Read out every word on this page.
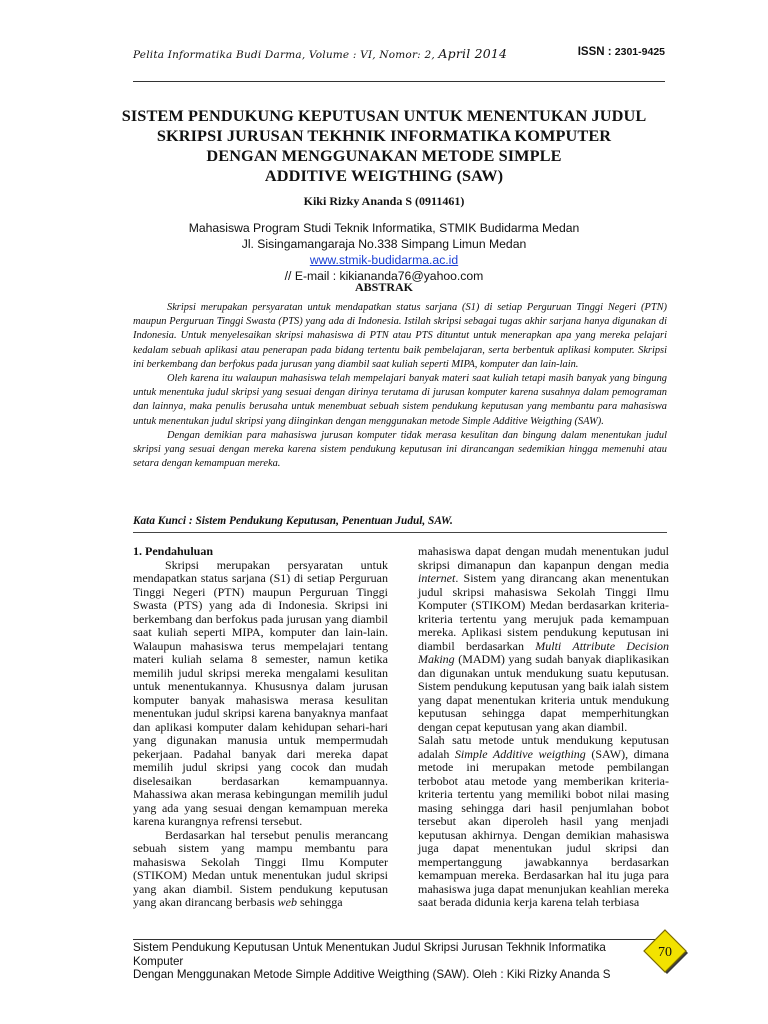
Pelita Informatika Budi Darma, Volume : VI, Nomor: 2, April 2014	ISSN : 2301-9425
SISTEM PENDUKUNG KEPUTUSAN UNTUK MENENTUKAN JUDUL
SKRIPSI JURUSAN TEKHNIK INFORMATIKA KOMPUTER
DENGAN MENGGUNAKAN METODE SIMPLE
ADDITIVE WEIGTHING (SAW)
Kiki Rizky Ananda S (0911461)
Mahasiswa Program Studi Teknik Informatika, STMIK Budidarma Medan
Jl. Sisingamangaraja No.338 Simpang Limun Medan
www.stmik-budidarma.ac.id
// E-mail : kikiananda76@yahoo.com
ABSTRAK

Skripsi merupakan persyaratan untuk mendapatkan status sarjana (S1) di setiap Perguruan Tinggi Negeri (PTN) maupun Perguruan Tinggi Swasta (PTS) yang ada di Indonesia. Istilah skripsi sebagai tugas akhir sarjana hanya digunakan di Indonesia. Untuk menyelesaikan skripsi mahasiswa di PTN atau PTS dituntut untuk menerapkan apa yang mereka pelajari kedalam sebuah aplikasi atau penerapan pada bidang tertentu baik pembelajaran, serta berbentuk aplikasi komputer. Skripsi ini berkembang dan berfokus pada jurusan yang diambil saat kuliah seperti MIPA, komputer dan lain-lain.

Oleh karena itu walaupun mahasiswa telah mempelajari banyak materi saat kuliah tetapi masih banyak yang bingung untuk menentuka judul skripsi yang sesuai dengan dirinya terutama di jurusan komputer karena susahnya dalam pemograman dan lainnya, maka penulis berusaha untuk menembuat sebuah sistem pendukung keputusan yang membantu para mahasiswa untuk menentukan judul skripsi yang diinginkan dengan menggunakan metode Simple Additive Weigthing (SAW).

Dengan demikian para mahasiswa jurusan komputer tidak merasa kesulitan dan bingung dalam menentukan judul skripsi yang sesuai dengan mereka karena sistem pendukung keputusan ini dirancangan sedemikian hingga memenuhi atau setara dengan kemampuan mereka.

Kata Kunci : Sistem Pendukung Keputusan, Penentuan Judul, SAW.

1. Pendahuluan

Skripsi merupakan persyaratan untuk mendapatkan status sarjana (S1) di setiap Perguruan Tinggi Negeri (PTN) maupun Perguruan Tinggi Swasta (PTS) yang ada di Indonesia. Skripsi ini berkembang dan berfokus pada jurusan yang diambil saat kuliah seperti MIPA, komputer dan lain-lain. Walaupun mahasiswa terus mempelajari tentang materi kuliah selama 8 semester, namun ketika memilih judul skripsi mereka mengalami kesulitan untuk menentukannya. Khususnya dalam jurusan komputer banyak mahasiswa merasa kesulitan menentukan judul skripsi karena banyaknya manfaat dan aplikasi komputer dalam kehidupan sehari-hari yang digunakan manusia untuk mempermudah pekerjaan. Padahal banyak dari mereka dapat memilih judul skripsi yang cocok dan mudah diselesaikan berdasarkan kemampuannya. Mahassiwa akan merasa kebingungan memilih judul yang ada yang sesuai dengan kemampuan mereka karena kurangnya refrensi tersebut.

Berdasarkan hal tersebut penulis merancang sebuah sistem yang mampu membantu para mahasiswa Sekolah Tinggi Ilmu Komputer (STIKOM) Medan untuk menentukan judul skripsi yang akan diambil. Sistem pendukung keputusan yang akan dirancang berbasis web sehingga

mahasiswa dapat dengan mudah menentukan judul skripsi dimanapun dan kapanpun dengan media internet. Sistem yang dirancang akan menentukan judul skripsi mahasiswa Sekolah Tinggi Ilmu Komputer (STIKOM) Medan berdasarkan kriteria-kriteria tertentu yang merujuk pada kemampuan mereka. Aplikasi sistem pendukung keputusan ini diambil berdasarkan Multi Attribute Decision Making (MADM) yang sudah banyak diaplikasikan dan digunakan untuk mendukung suatu keputusan. Sistem pendukung keputusan yang baik ialah sistem yang dapat menentukan kriteria untuk mendukung keputusan sehingga dapat memperhitungkan dengan cepat keputusan yang akan diambil.

Salah satu metode untuk mendukung keputusan adalah Simple Additive weigthing (SAW), dimana metode ini merupakan metode pembilangan terbobot atau metode yang memberikan kriteria-kriteria tertentu yang memiliki bobot nilai masing masing sehingga dari hasil penjumlahan bobot tersebut akan diperoleh hasil yang menjadi keputusan akhirnya. Dengan demikian mahasiswa juga dapat menentukan judul skripsi dan mempertanggung jawabkannya berdasarkan kemampuan mereka. Berdasarkan hal itu juga para mahasiswa juga dapat menunjukan keahlian mereka saat berada didunia kerja karena telah terbiasa

Sistem Pendukung Keputusan Untuk Menentukan Judul Skripsi Jurusan Tekhnik Informatika Komputer
Dengan Menggunakan Metode Simple Additive Weigthing (SAW). Oleh : Kiki Rizky Ananda S
70
